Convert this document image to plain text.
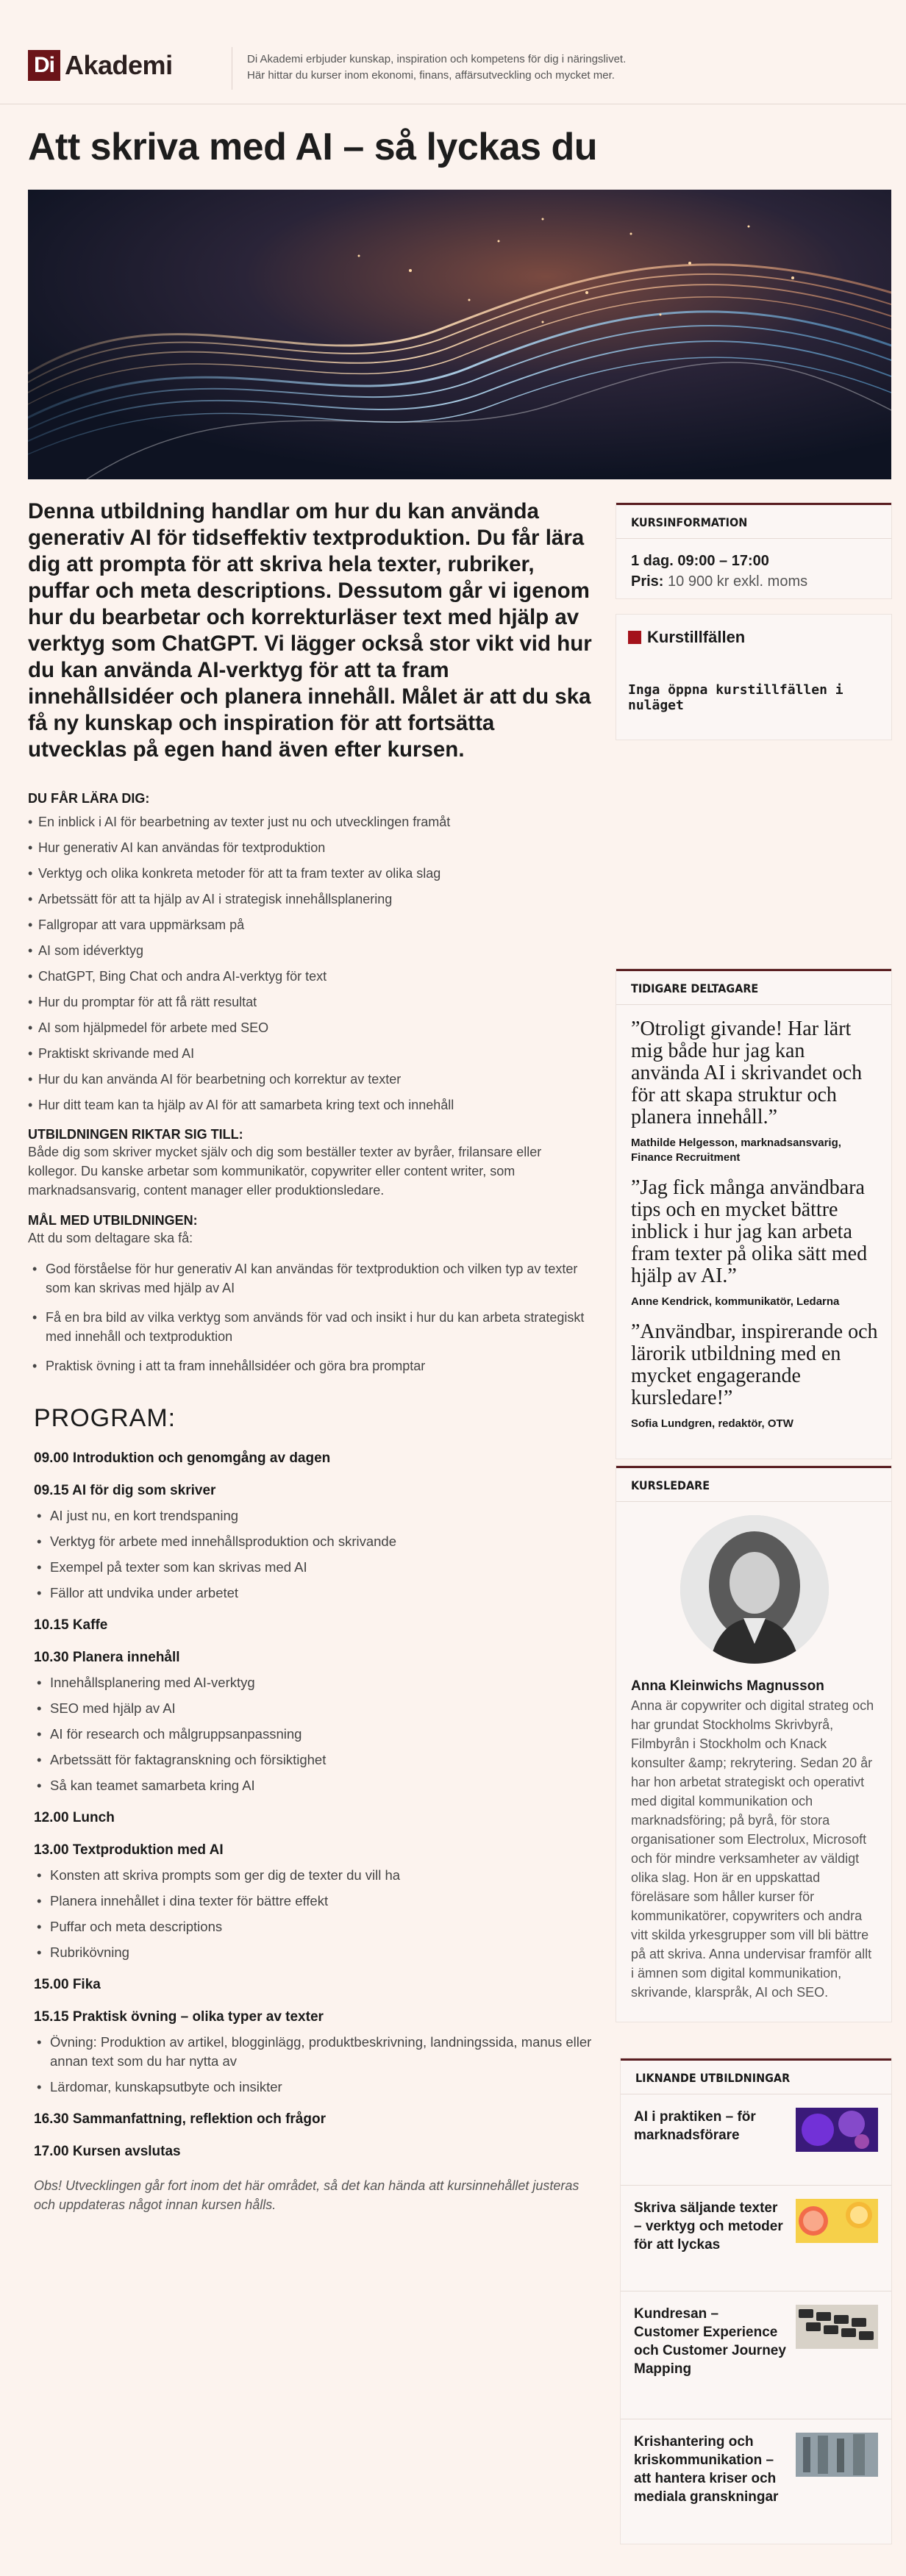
Di Akademi	Di Akademi erbjuder kunskap, inspiration och kompetens för dig i näringslivet.
Här hittar du kurser inom ekonomi, finans, affärsutveckling och mycket mer.
Att skriva med AI – så lyckas du

Denna utbildning handlar om hur du kan använda generativ AI för tidseffektiv textproduktion. Du får lära dig att prompta för att skriva hela texter, rubriker, puffar och meta descriptions. Dessutom går vi igenom hur du bearbetar och korrekturläser text med hjälp av verktyg som ChatGPT. Vi lägger också stor vikt vid hur du kan använda AI-verktyg för att ta fram innehållsidéer och planera innehåll. Målet är att du ska få ny kunskap och inspiration för att fortsätta utvecklas på egen hand även efter kursen.

DU FÅR LÄRA DIG:
• En inblick i AI för bearbetning av texter just nu och utvecklingen framåt
• Hur generativ AI kan användas för textproduktion
• Verktyg och olika konkreta metoder för att ta fram texter av olika slag
• Arbetssätt för att ta hjälp av AI i strategisk innehållsplanering
• Fallgropar att vara uppmärksam på
• AI som idéverktyg
• ChatGPT, Bing Chat och andra AI-verktyg för text
• Hur du promptar för att få rätt resultat
• AI som hjälpmedel för arbete med SEO
• Praktiskt skrivande med AI
• Hur du kan använda AI för bearbetning och korrektur av texter
• Hur ditt team kan ta hjälp av AI för att samarbeta kring text och innehåll
UTBILDNINGEN RIKTAR SIG TILL:

Både dig som skriver mycket själv och dig som beställer texter av byråer, frilansare eller kollegor. Du kanske arbetar som kommunikatör, copywriter eller content writer, som marknadsansvarig, content manager eller produktionsledare.

MÅL MED UTBILDNINGEN:

Att du som deltagare ska få:

• God förståelse för hur generativ AI kan användas för textproduktion och vilken typ av texter som kan skrivas med hjälp av AI
• Få en bra bild av vilka verktyg som används för vad och insikt i hur du kan arbeta strategiskt med innehåll och textproduktion
• Praktisk övning i att ta fram innehållsidéer och göra bra promptar
PROGRAM:
09.00 Introduktion och genomgång av dagen
09.15 AI för dig som skriver
• AI just nu, en kort trendspaning
• Verktyg för arbete med innehållsproduktion och skrivande
• Exempel på texter som kan skrivas med AI
• Fällor att undvika under arbetet
10.15 Kaffe
10.30 Planera innehåll
• Innehållsplanering med AI-verktyg
• SEO med hjälp av AI
• AI för research och målgruppsanpassning
• Arbetssätt för faktagranskning och försiktighet
• Så kan teamet samarbeta kring AI
12.00 Lunch
13.00 Textproduktion med AI
• Konsten att skriva prompts som ger dig de texter du vill ha
• Planera innehållet i dina texter för bättre effekt
• Puffar och meta descriptions
• Rubrikövning
15.00 Fika
15.15 Praktisk övning – olika typer av texter
• Övning: Produktion av artikel, blogginlägg, produktbeskrivning, landningssida, manus eller annan text som du har nytta av
• Lärdomar, kunskapsutbyte och insikter
16.30 Sammanfattning, reflektion och frågor
17.00 Kursen avslutas

Obs! Utvecklingen går fort inom det här området, så det kan hända att kursinnehållet justeras och uppdateras något innan kursen hålls.

KURSINFORMATION
1 dag. 09:00 – 17:00
Pris: 10 900 kr exkl. moms
Kurstillfällen
Inga öppna kurstillfällen i nuläget
TIDIGARE DELTAGARE
”Otroligt givande! Har lärt mig både hur jag kan använda AI i skrivandet och för att skapa struktur och planera innehåll.”
Mathilde Helgesson, marknadsansvarig, Finance Recruitment
”Jag fick många användbara tips och en mycket bättre inblick i hur jag kan arbeta fram texter på olika sätt med hjälp av AI.”
Anne Kendrick, kommunikatör, Ledarna
”Användbar, inspirerande och lärorik utbildning med en mycket engagerande kursledare!”
Sofia Lundgren, redaktör, OTW
KURSLEDARE
Anna Kleinwichs Magnusson

Anna är copywriter och digital strateg och har grundat Stockholms Skrivbyrå, Filmbyrån i Stockholm och Knack konsulter &amp; rekrytering. Sedan 20 år har hon arbetat strategiskt och operativt med digital kommunikation och marknadsföring; på byrå, för stora organisationer som Electrolux, Microsoft och för mindre verksamheter av väldigt olika slag. Hon är en uppskattad föreläsare som håller kurser för kommunikatörer, copywriters och andra vitt skilda yrkesgrupper som vill bli bättre på att skriva. Anna undervisar framför allt i ämnen som digital kommunikation, skrivande, klarspråk, AI och SEO.

LIKNANDE UTBILDNINGAR
AI i praktiken – för marknadsförare
Skriva säljande texter – verktyg och metoder för att lyckas
Kundresan – Customer Experience och Customer Journey Mapping
Krishantering och kriskommunikation – att hantera kriser och mediala granskningar
